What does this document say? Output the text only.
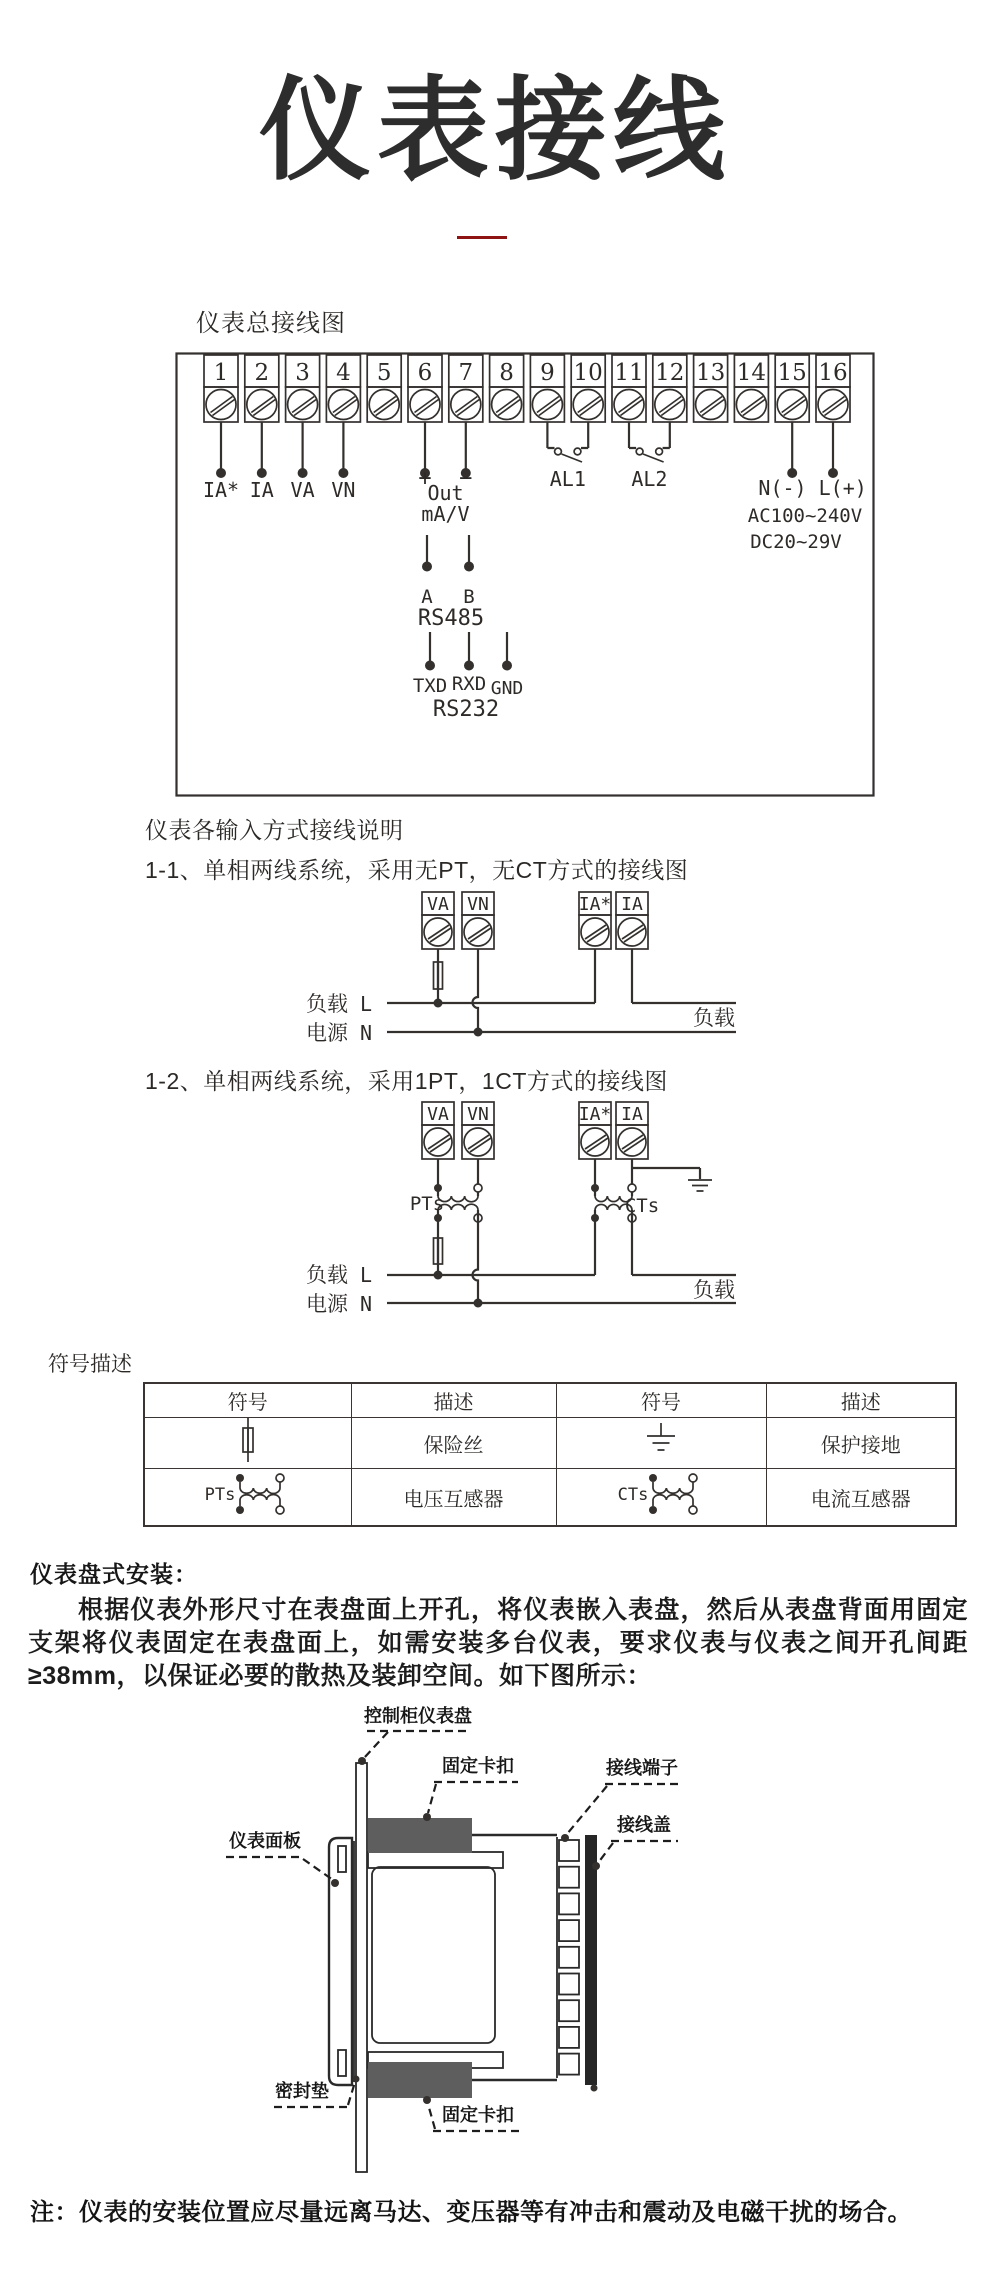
仪表接线
仪表总接线图
1 2 3 4 5 6 7 8 9 10 11 12 13 14 15 16
IA* IA VA VN	+ −
Out
mA/V
A B
RS485
TXD RXD GND
RS232
AL1 AL2	N(-) L(+)
AC100~240V
DC20~29V
仪表各输入方式接线说明
1-1、单相两线系统，采用无PT，无CT方式的接线图
VA VN	IA* IA
负载 L
电源 N
负载
1-2、单相两线系统，采用1PT，1CT方式的接线图
VA VN	IA* IA
PTs	CTs
负载 L
电源 N
负载
符号描述
符号	描述	符号	描述
	保险丝		保护接地

PTs	电压互感器	CTs	电流互感器
仪表盘式安装：
根据仪表外形尺寸在表盘面上开孔，将仪表嵌入表盘，然后从表盘背面用固定支架将仪表固定在表盘面上，如需安装多台仪表，要求仪表与仪表之间开孔间距≥38mm，以保证必要的散热及装卸空间。如下图所示：
控制柜仪表盘
固定卡扣	接线端子
接线盖
仪表面板
密封垫
固定卡扣
注：仪表的安装位置应尽量远离马达、变压器等有冲击和震动及电磁干扰的场合。
